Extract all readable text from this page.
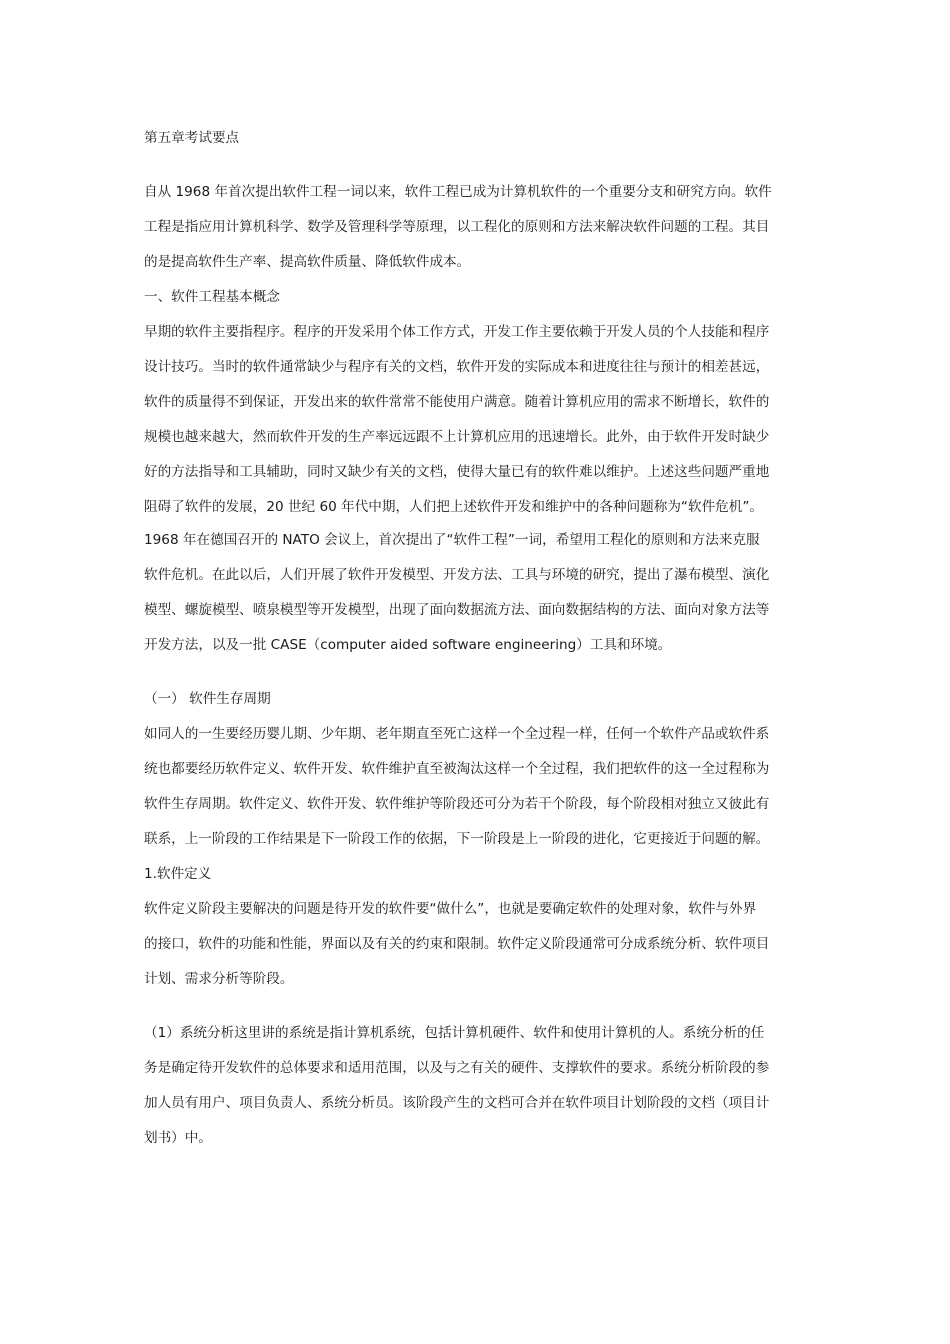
第五章考试要点
自从 1968 年首次提出软件工程一词以来，软件工程已成为计算机软件的一个重要分支和研究方向。软件
工程是指应用计算机科学、数学及管理科学等原理，以工程化的原则和方法来解决软件问题的工程。其目
的是提高软件生产率、提高软件质量、降低软件成本。
一、软件工程基本概念
早期的软件主要指程序。程序的开发采用个体工作方式，开发工作主要依赖于开发人员的个人技能和程序
设计技巧。当时的软件通常缺少与程序有关的文档，软件开发的实际成本和进度往往与预计的相差甚远，
软件的质量得不到保证，开发出来的软件常常不能使用户满意。随着计算机应用的需求不断增长，软件的
规模也越来越大，然而软件开发的生产率远远跟不上计算机应用的迅速增长。此外，由于软件开发时缺少
好的方法指导和工具辅助，同时又缺少有关的文档，使得大量已有的软件难以维护。上述这些问题严重地
阻碍了软件的发展，20 世纪 60 年代中期，人们把上述软件开发和维护中的各种问题称为“软件危机”。
1968 年在德国召开的 NATO 会议上，首次提出了“软件工程”一词，希望用工程化的原则和方法来克服
软件危机。在此以后，人们开展了软件开发模型、开发方法、工具与环境的研究，提出了瀑布模型、演化
模型、螺旋模型、喷泉模型等开发模型，出现了面向数据流方法、面向数据结构的方法、面向对象方法等
开发方法，以及一批 CASE（computer aided software engineering）工具和环境。
（一） 软件生存周期
如同人的一生要经历婴儿期、少年期、老年期直至死亡这样一个全过程一样，任何一个软件产品或软件系
统也都要经历软件定义、软件开发、软件维护直至被淘汰这样一个全过程，我们把软件的这一全过程称为
软件生存周期。软件定义、软件开发、软件维护等阶段还可分为若干个阶段，每个阶段相对独立又彼此有
联系，上一阶段的工作结果是下一阶段工作的依据，下一阶段是上一阶段的进化，它更接近于问题的解。
1.软件定义
软件定义阶段主要解决的问题是待开发的软件要“做什么”，也就是要确定软件的处理对象，软件与外界
的接口，软件的功能和性能，界面以及有关的约束和限制。软件定义阶段通常可分成系统分析、软件项目
计划、需求分析等阶段。
（1）系统分析这里讲的系统是指计算机系统，包括计算机硬件、软件和使用计算机的人。系统分析的任
务是确定待开发软件的总体要求和适用范围，以及与之有关的硬件、支撑软件的要求。系统分析阶段的参
加人员有用户、项目负责人、系统分析员。该阶段产生的文档可合并在软件项目计划阶段的文档（项目计
划书）中。
